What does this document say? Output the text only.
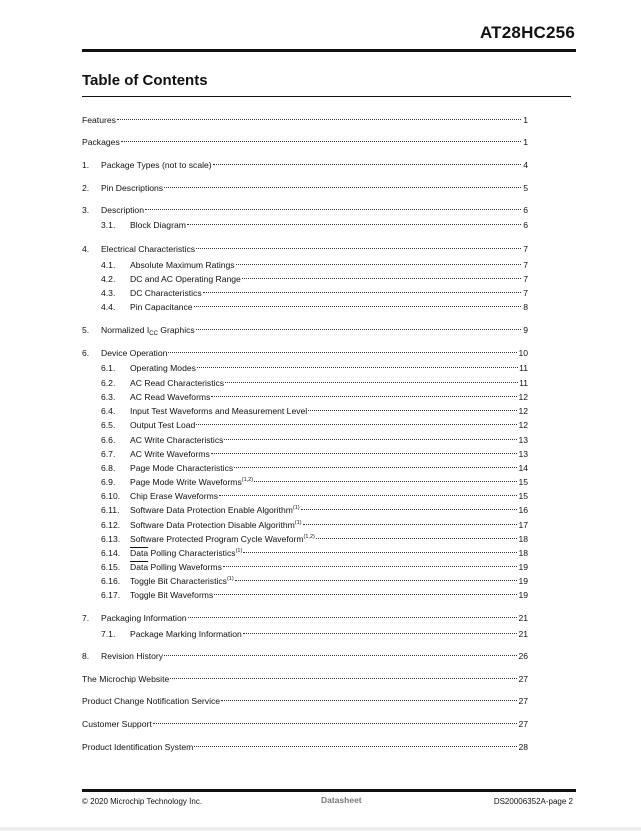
AT28HC256
Table of Contents
Features	1
Packages	1
1. Package Types (not to scale)	4
2. Pin Descriptions	5
3. Description	6
3.1. Block Diagram	6
4. Electrical Characteristics	7
4.1. Absolute Maximum Ratings	7
4.2. DC and AC Operating Range	7
4.3. DC Characteristics	7
4.4. Pin Capacitance	8
5. Normalized $I_{CC}$ Graphics	9
6. Device Operation	10
6.1. Operating Modes	11
6.2. AC Read Characteristics	11
6.3. AC Read Waveforms	12
6.4. Input Test Waveforms and Measurement Level	12
6.5. Output Test Load	12
6.6. AC Write Characteristics	13
6.7. AC Write Waveforms	13
6.8. Page Mode Characteristics	14
6.9. Page Mode Write Waveforms$^{(1,2)}$	15
6.10. Chip Erase Waveforms	15
6.11. Software Data Protection Enable Algorithm$^{(1)}$	16
6.12. Software Data Protection Disable Algorithm$^{(1)}$	17
6.13. Software Protected Program Cycle Waveform$^{(1,2)}$	18
6.14. Data Polling Characteristics$^{(1)}$	18
6.15. Data Polling Waveforms	19
6.16. Toggle Bit Characteristics$^{(1)}$	19
6.17. Toggle Bit Waveforms	19
7. Packaging Information	21
7.1. Package Marking Information	21
8. Revision History	26
The Microchip Website	27
Product Change Notification Service	27
Customer Support	27
Product Identification System	28
© 2020 Microchip Technology Inc.	Datasheet	DS20006352A-page 2
